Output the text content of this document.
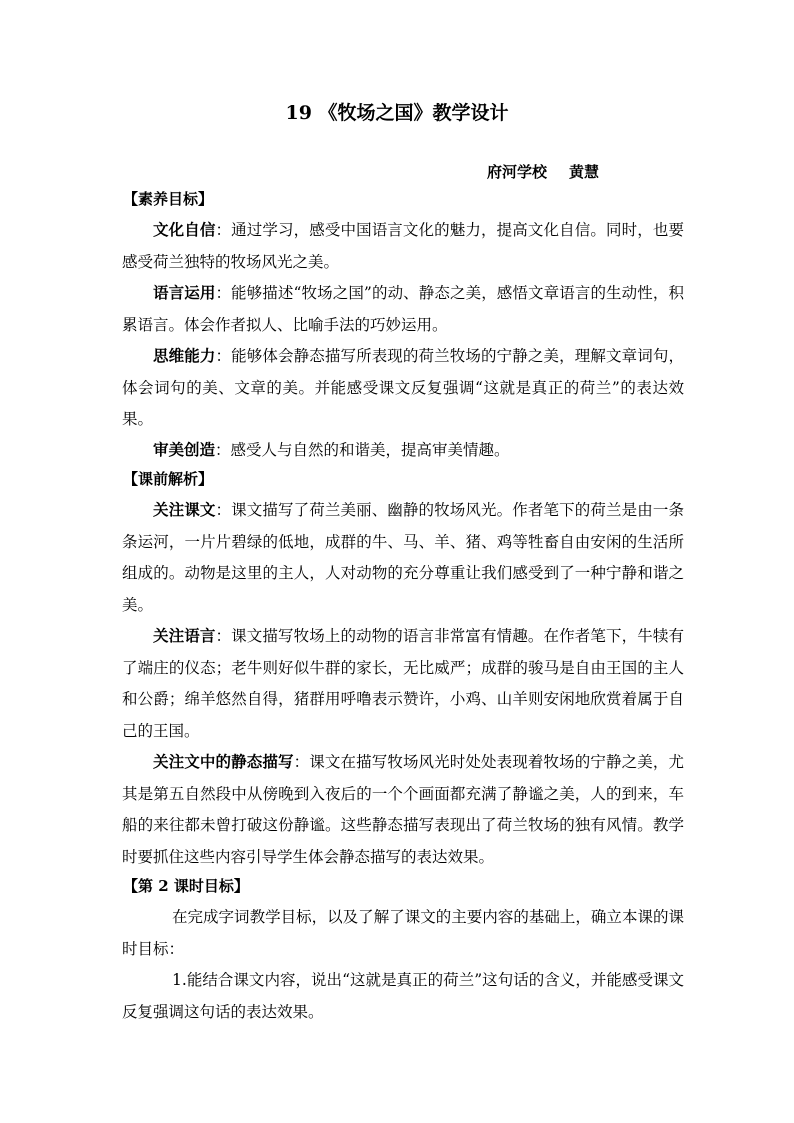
19 《牧场之国》教学设计
府河学校 黄慧
【素养目标】

文化自信：通过学习，感受中国语言文化的魅力，提高文化自信。同时，也要感受荷兰独特的牧场风光之美。

语言运用：能够描述“牧场之国”的动、静态之美，感悟文章语言的生动性，积累语言。体会作者拟人、比喻手法的巧妙运用。

思维能力：能够体会静态描写所表现的荷兰牧场的宁静之美，理解文章词句，体会词句的美、文章的美。并能感受课文反复强调“这就是真正的荷兰”的表达效果。

审美创造：感受人与自然的和谐美，提高审美情趣。

【课前解析】

关注课文：课文描写了荷兰美丽、幽静的牧场风光。作者笔下的荷兰是由一条条运河，一片片碧绿的低地，成群的牛、马、羊、猪、鸡等牲畜自由安闲的生活所组成的。动物是这里的主人，人对动物的充分尊重让我们感受到了一种宁静和谐之美。

关注语言：课文描写牧场上的动物的语言非常富有情趣。在作者笔下，牛犊有了端庄的仪态；老牛则好似牛群的家长，无比威严；成群的骏马是自由王国的主人和公爵；绵羊悠然自得，猪群用呼噜表示赞许，小鸡、山羊则安闲地欣赏着属于自己的王国。

关注文中的静态描写：课文在描写牧场风光时处处表现着牧场的宁静之美，尤其是第五自然段中从傍晚到入夜后的一个个画面都充满了静谧之美，人的到来，车船的来往都未曾打破这份静谧。这些静态描写表现出了荷兰牧场的独有风情。教学时要抓住这些内容引导学生体会静态描写的表达效果。

【第 2 课时目标】

在完成字词教学目标，以及了解了课文的主要内容的基础上，确立本课的课时目标：

1.能结合课文内容，说出“这就是真正的荷兰”这句话的含义，并能感受课文反复强调这句话的表达效果。
